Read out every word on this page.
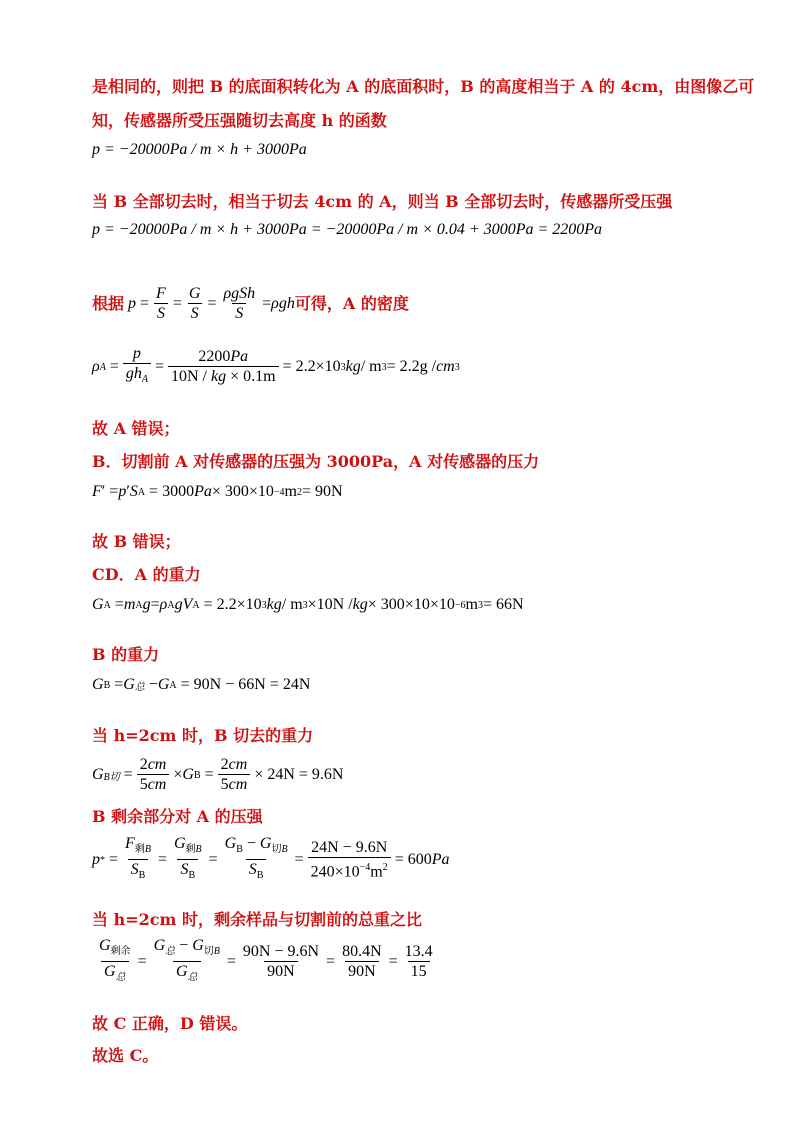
是相同的，则把 B 的底面积转化为 A 的底面积时，B 的高度相当于 A 的 4cm，由图像乙可
知，传感器所受压强随切去高度 h 的函数
p = −20000Pa / m × h + 3000Pa
当 B 全部切去时，相当于切去 4cm 的 A，则当 B 全部切去时，传感器所受压强
p = −20000Pa / m × h + 3000Pa = −20000Pa / m × 0.04 + 3000Pa = 2200Pa
根据 $p = \frac{F}{S} = \frac{G}{S} = \frac{\text{ρgSh}}{S} = \rho gh$ 可得，A 的密度
ρ $A = \frac{p}{gh_A} = \frac{2200Pa}{10N / kg \times 0.1m} = 2.2\times 10$ 3 kg / m 3 = 2.2g / cm 3
故 A 错误；
B．切割前 A 对传感器的压强为 3000Pa，A 对传感器的压力
F ′ = p ′ S A = 3000 Pa × 300×10 −4 m 2 = 90N
故 B 错误；
CD．A 的重力
G A = m A g = ρ A gV A = 2.2×10 3 kg / m 3 ×10N / kg × 300×10×10 −6 m 3 = 66N
B 的重力
G B = G 总 − G A = 90N − 66N = 24N
当 h=2cm 时，B 切去的重力
G B切 = $\frac{2cm}{5cm} \times G$ $B = \frac{2cm}{5cm} \times 24N = 9.6N$
B 剩余部分对 A 的压强
p * = $\frac{F_{剩B}}{S_B} = \frac{G_{剩B}}{S_B} = \frac{G_B - G_{切B}}{S_B} = \frac{24N - 9.6N}{240\times 10^{-4}m^2} = 600$ Pa
当 h=2cm 时，剩余样品与切割前的总重之比
$\frac{G_{剩余}}{G_总} = \frac{G_总 - G_{切B}}{G_总} = \frac{90N - 9.6N}{90N} = \frac{80.4N}{90N} = \frac{13.4}{15}$
故 C 正确，D 错误。
故选 C。
